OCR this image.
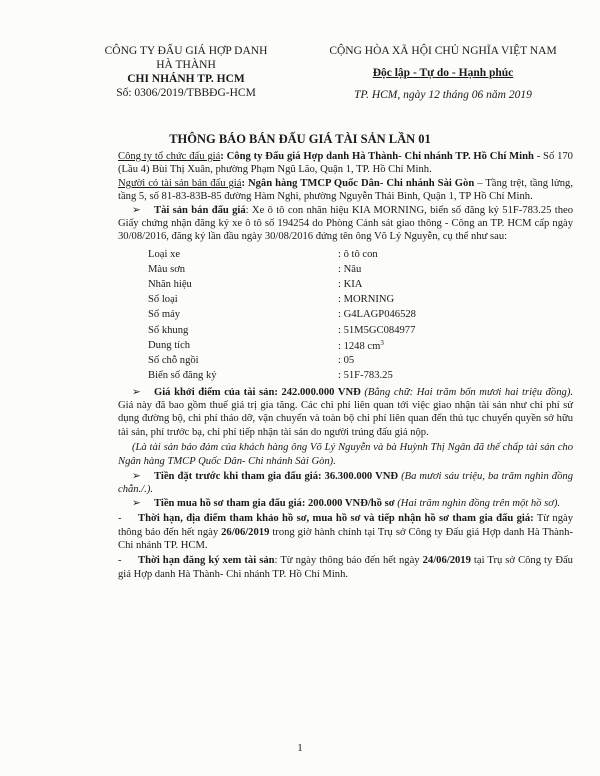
CÔNG TY ĐẤU GIÁ HỢP DANH
HÀ THÀNH
CHI NHÁNH TP. HCM
Số: 0306/2019/TBBĐG-HCM
CỘNG HÒA XÃ HỘI CHỦ NGHĨA VIỆT NAM
Độc lập - Tự do - Hạnh phúc
TP. HCM, ngày 12 tháng 06 năm 2019
THÔNG BÁO BÁN ĐẤU GIÁ TÀI SẢN LẦN 01

Công ty tổ chức đấu giá: Công ty Đấu giá Hợp danh Hà Thành- Chi nhánh TP. Hồ Chí Minh - Số 170 (Lầu 4) Bùi Thị Xuân, phường Phạm Ngũ Lão, Quận 1, TP. Hồ Chí Minh.

Người có tài sản bán đấu giá: Ngân hàng TMCP Quốc Dân- Chi nhánh Sài Gòn – Tầng trệt, tầng lửng, tầng 5, số 81-83-83B-85 đường Hàm Nghi, phường Nguyễn Thái Bình, Quận 1, TP Hồ Chí Minh.

➢ Tài sản bán đấu giá: Xe ô tô con nhãn hiệu KIA MORNING, biển số đăng ký 51F-783.25 theo Giấy chứng nhận đăng ký xe ô tô số 194254 do Phòng Cảnh sát giao thông - Công an TP. HCM cấp ngày 30/08/2016, đăng ký lần đầu ngày 30/08/2016 đứng tên ông Võ Lý Nguyễn, cụ thể như sau:

Loại xe	: ô tô con
Màu sơn	: Nâu
Nhãn hiệu	: KIA
Số loại	: MORNING
Số máy	: G4LAGP046528
Số khung	: 51M5GC084977
Dung tích	: 1248 $cm^3$
Số chỗ ngồi	: 05
Biển số đăng ký	: 51F-783.25

➢ Giá khởi điểm của tài sản: 242.000.000 VNĐ (Bằng chữ: Hai trăm bốn mươi hai triệu đồng). Giá này đã bao gồm thuế giá trị gia tăng. Các chi phí liên quan tới việc giao nhận tài sản như chi phí sử dụng đường bộ, chi phí tháo dỡ, vận chuyển và toàn bộ chi phí liên quan đến thủ tục chuyển quyền sở hữu tài sản, phí trước bạ, chi phí tiếp nhận tài sản do người trúng đấu giá nộp.

(Là tài sản bảo đảm của khách hàng ông Võ Lý Nguyễn và bà Huỳnh Thị Ngân đã thế chấp tài sản cho Ngân hàng TMCP Quốc Dân- Chi nhánh Sài Gòn).

➢ Tiền đặt trước khi tham gia đấu giá: 36.300.000 VNĐ (Ba mươi sáu triệu, ba trăm nghìn đồng chẵn./.).

➢ Tiền mua hồ sơ tham gia đấu giá: 200.000 VNĐ/hồ sơ (Hai trăm nghìn đồng trên một hồ sơ).

- Thời hạn, địa điểm tham khảo hồ sơ, mua hồ sơ và tiếp nhận hồ sơ tham gia đấu giá: Từ ngày thông báo đến hết ngày 26/06/2019 trong giờ hành chính tại Trụ sở Công ty Đấu giá Hợp danh Hà Thành- Chi nhánh TP. HCM.

- Thời hạn đăng ký xem tài sản: Từ ngày thông báo đến hết ngày 24/06/2019 tại Trụ sở Công ty Đấu giá Hợp danh Hà Thành- Chi nhánh TP. Hồ Chí Minh.

1
